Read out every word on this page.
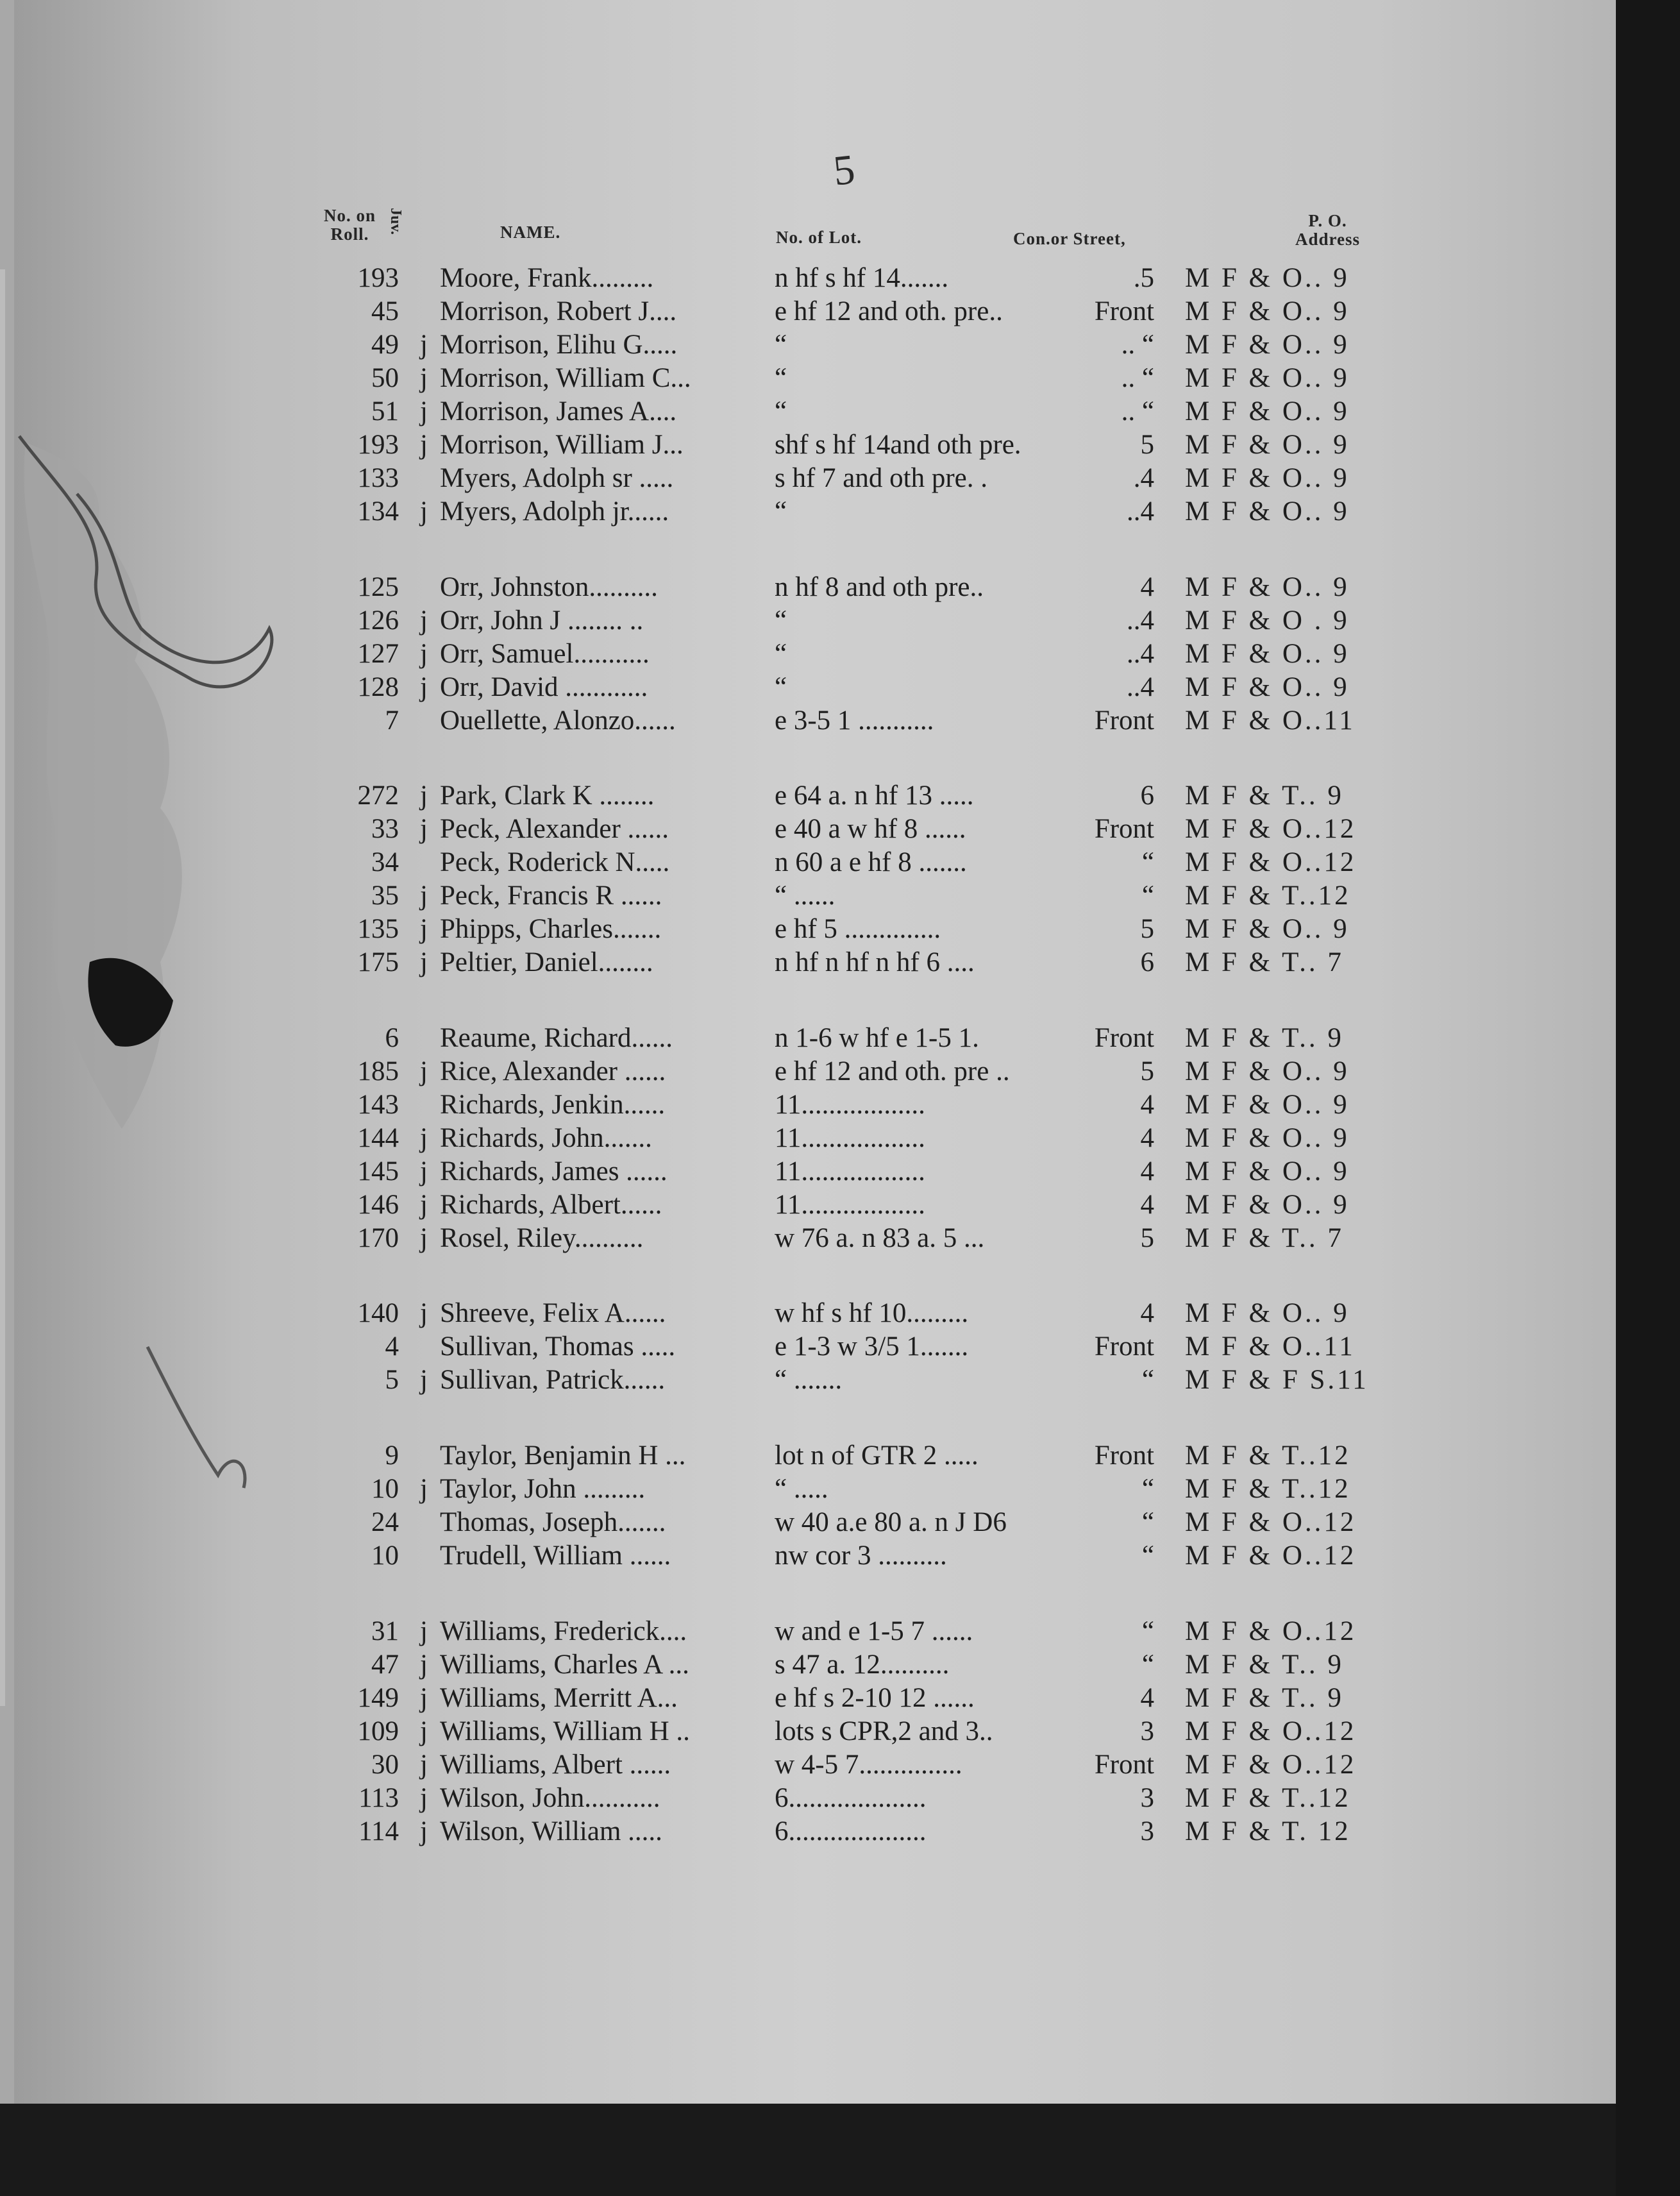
5
No. on
Roll.	Juv.	NAME.	No. of Lot.	Con.or Street,
P. O.
Address
193 Moore, Frank.........	n hf s hf 14.......	.5 M F & O.. 9
45 Morrison, Robert J....	e hf 12 and oth. pre..	Front M F & O.. 9
49 j Morrison, Elihu G.....	“	.. “ M F & O.. 9
50 j Morrison, William C...	“	.. “ M F & O.. 9
51 j Morrison, James A....	“	.. “ M F & O.. 9
193 j Morrison, William J...	shf s hf 14and oth pre.	5 M F & O.. 9
133 Myers, Adolph sr .....	s hf 7 and oth pre. .	.4 M F & O.. 9
134 j Myers, Adolph jr......	“	..4 M F & O.. 9
125 Orr, Johnston..........	n hf 8 and oth pre..	4 M F & O.. 9
126 j Orr, John J ........ ..	“	..4 M F & O . 9
127 j Orr, Samuel...........	“	..4 M F & O.. 9
128 j Orr, David ............	“	..4 M F & O.. 9
7 Ouellette, Alonzo......	e 3-5 1 ...........	Front M F & O..11
272 j Park, Clark K ........	e 64 a. n hf 13 .....	6 M F & T.. 9
33 j Peck, Alexander ......	e 40 a w hf 8 ......	Front M F & O..12
34 Peck, Roderick N.....	n 60 a e hf 8 .......	“ M F & O..12
35 j Peck, Francis R ......	“ ......	“ M F & T..12
135 j Phipps, Charles.......	e hf 5 ..............	5 M F & O.. 9
175 j Peltier, Daniel........	n hf n hf n hf 6 ....	6 M F & T.. 7
6 Reaume, Richard......	n 1-6 w hf e 1-5 1.	Front M F & T.. 9
185 j Rice, Alexander ......	e hf 12 and oth. pre ..	5 M F & O.. 9
143 Richards, Jenkin......	11..................	4 M F & O.. 9
144 j Richards, John.......	11..................	4 M F & O.. 9
145 j Richards, James ......	11..................	4 M F & O.. 9
146 j Richards, Albert......	11..................	4 M F & O.. 9
170 j Rosel, Riley..........	w 76 a. n 83 a. 5 ...	5 M F & T.. 7
140 j Shreeve, Felix A......	w hf s hf 10.........	4 M F & O.. 9
4 Sullivan, Thomas .....	e 1-3 w 3/5 1.......	Front M F & O..11
5 j Sullivan, Patrick......	“ .......	“ M F & F S.11
9 Taylor, Benjamin H ...	lot n of GTR 2 .....	Front M F & T..12
10 j Taylor, John .........	“ .....	“ M F & T..12
24 Thomas, Joseph.......	w 40 a.e 80 a. n J D6	“ M F & O..12
10 Trudell, William ......	nw cor 3 ..........	“ M F & O..12
31 j Williams, Frederick....	w and e 1-5 7 ......	“ M F & O..12
47 j Williams, Charles A ...	s 47 a. 12..........	“ M F & T.. 9
149 j Williams, Merritt A...	e hf s 2-10 12 ......	4 M F & T.. 9
109 j Williams, William H ..	lots s CPR,2 and 3..	3 M F & O..12
30 j Williams, Albert ......	w 4-5 7...............	Front M F & O..12
113 j Wilson, John...........	6....................	3 M F & T..12
114 j Wilson, William .....	6....................	3 M F & T. 12
